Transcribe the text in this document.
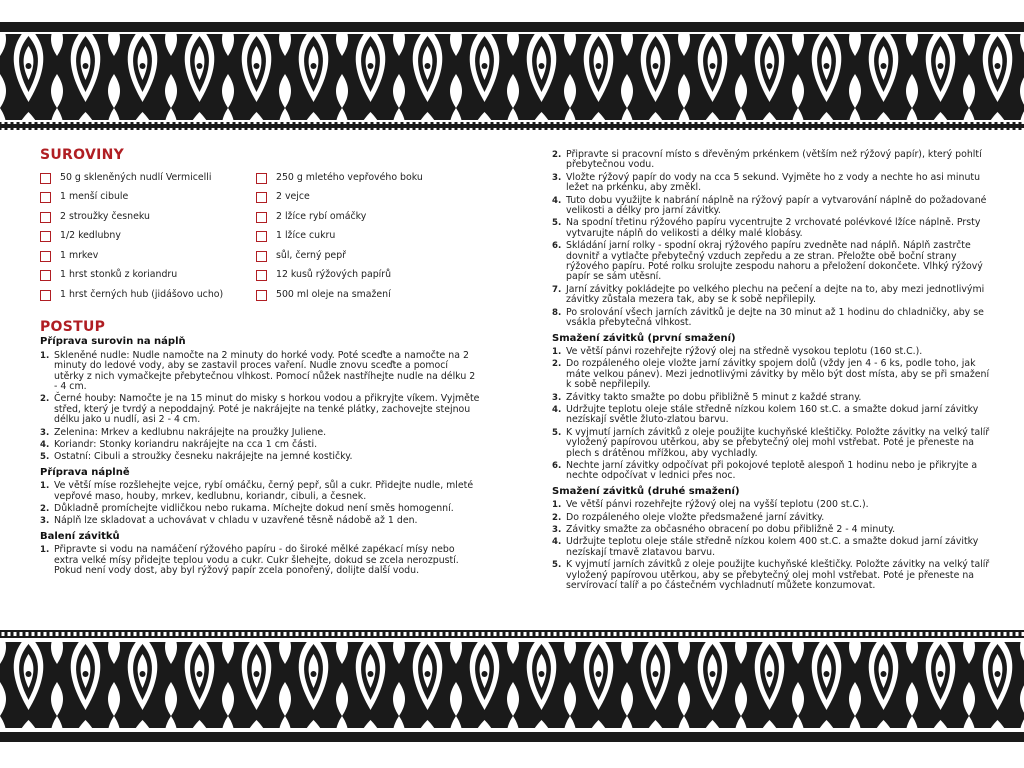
SUROVINY
50 g skleněných nudlí Vermicelli
1 menší cibule
2 stroužky česneku
1/2 kedlubny
1 mrkev
1 hrst stonků z koriandru
1 hrst černých hub (jidášovo ucho)
250 g mletého vepřového boku
2 vejce
2 lžíce rybí omáčky
1 lžíce cukru
sůl, černý pepř
12 kusů rýžových papírů
500 ml oleje na smažení
POSTUP
Příprava surovin na náplň
1. Skleněné nudle: Nudle namočte na 2 minuty do horké vody. Poté sceďte a namočte na 2 minuty do ledové vody, aby se zastavil proces vaření. Nudle znovu sceďte a pomocí utěrky z nich vymačkejte přebytečnou vlhkost. Pomocí nůžek nastříhejte nudle na délku 2 - 4 cm.
2. Černé houby: Namočte je na 15 minut do misky s horkou vodou a přikryjte víkem. Vyjměte střed, který je tvrdý a nepoddajný. Poté je nakrájejte na tenké plátky, zachovejte stejnou délku jako u nudlí, asi 2 - 4 cm.
3. Zelenina: Mrkev a kedlubnu nakrájejte na proužky Juliene.
4. Koriandr: Stonky koriandru nakrájejte na cca 1 cm části.
5. Ostatní: Cibuli a stroužky česneku nakrájejte na jemné kostičky.
Příprava náplně
1. Ve větší míse rozšlehejte vejce, rybí omáčku, černý pepř, sůl a cukr. Přidejte nudle, mleté vepřové maso, houby, mrkev, kedlubnu, koriandr, cibuli, a česnek.
2. Důkladně promíchejte vidličkou nebo rukama. Míchejte dokud není směs homogenní.
3. Náplň lze skladovat a uchovávat v chladu v uzavřené těsně nádobě až 1 den.
Balení závitků
1. Připravte si vodu na namáčení rýžového papíru - do široké mělké zapékací mísy nebo extra velké mísy přidejte teplou vodu a cukr. Cukr šlehejte, dokud se zcela nerozpustí. Pokud není vody dost, aby byl rýžový papír zcela ponořený, dolijte další vodu.
2. Připravte si pracovní místo s dřevěným prkénkem (větším než rýžový papír), který pohltí přebytečnou vodu.
3. Vložte rýžový papír do vody na cca 5 sekund. Vyjměte ho z vody a nechte ho asi minutu ležet na prkénku, aby změkl.
4. Tuto dobu využijte k nabrání náplně na rýžový papír a vytvarování náplně do požadované velikosti a délky pro jarní závitky.
5. Na spodní třetinu rýžového papíru vycentrujte 2 vrchovaté polévkové lžíce náplně. Prsty vytvarujte náplň do velikosti a délky malé klobásy.
6. Skládání jarní rolky - spodní okraj rýžového papíru zvedněte nad náplň. Náplň zastrčte dovnitř a vytlačte přebytečný vzduch zepředu a ze stran. Přeložte obě boční strany rýžového papíru. Poté rolku srolujte zespodu nahoru a přeložení dokončete. Vlhký rýžový papír se sám utěsní.
7. Jarní závitky pokládejte po velkého plechu na pečení a dejte na to, aby mezi jednotlivými závitky zůstala mezera tak, aby se k sobě nepřilepily.
8. Po srolování všech jarních závitků je dejte na 30 minut až 1 hodinu do chladničky, aby se vsákla přebytečná vlhkost.
Smažení závitků (první smažení)
1. Ve větší pánvi rozehřejte rýžový olej na středně vysokou teplotu (160 st.C.).
2. Do rozpáleného oleje vložte jarní závitky spojem dolů (vždy jen 4 - 6 ks, podle toho, jak máte velkou pánev). Mezi jednotlivými závitky by mělo být dost místa, aby se při smažení k sobě nepřilepily.
3. Závitky takto smažte po dobu přibližně 5 minut z každé strany.
4. Udržujte teplotu oleje stále středně nízkou kolem 160 st.C. a smažte dokud jarní závitky nezískají světle žluto-zlatou barvu.
5. K vyjmutí jarních závitků z oleje použijte kuchyňské kleštičky. Položte závitky na velký talíř vyložený papírovou utěrkou, aby se přebytečný olej mohl vstřebat. Poté je přeneste na plech s drátěnou mřížkou, aby vychladly.
6. Nechte jarní závitky odpočívat při pokojové teplotě alespoň 1 hodinu nebo je přikryjte a nechte odpočívat v lednici přes noc.
Smažení závitků (druhé smažení)
1. Ve větší pánvi rozehřejte rýžový olej na vyšší teplotu (200 st.C.).
2. Do rozpáleného oleje vložte předsmažené jarní závitky.
3. Závitky smažte za občasného obracení po dobu přibližně 2 - 4 minuty.
4. Udržujte teplotu oleje stále středně nízkou kolem 400 st.C. a smažte dokud jarní závitky nezískají tmavě zlatavou barvu.
5. K vyjmutí jarních závitků z oleje použijte kuchyňské kleštičky. Položte závitky na velký talíř vyložený papírovou utěrkou, aby se přebytečný olej mohl vstřebat. Poté je přeneste na servírovací talíř a po částečném vychladnutí můžete konzumovat.
